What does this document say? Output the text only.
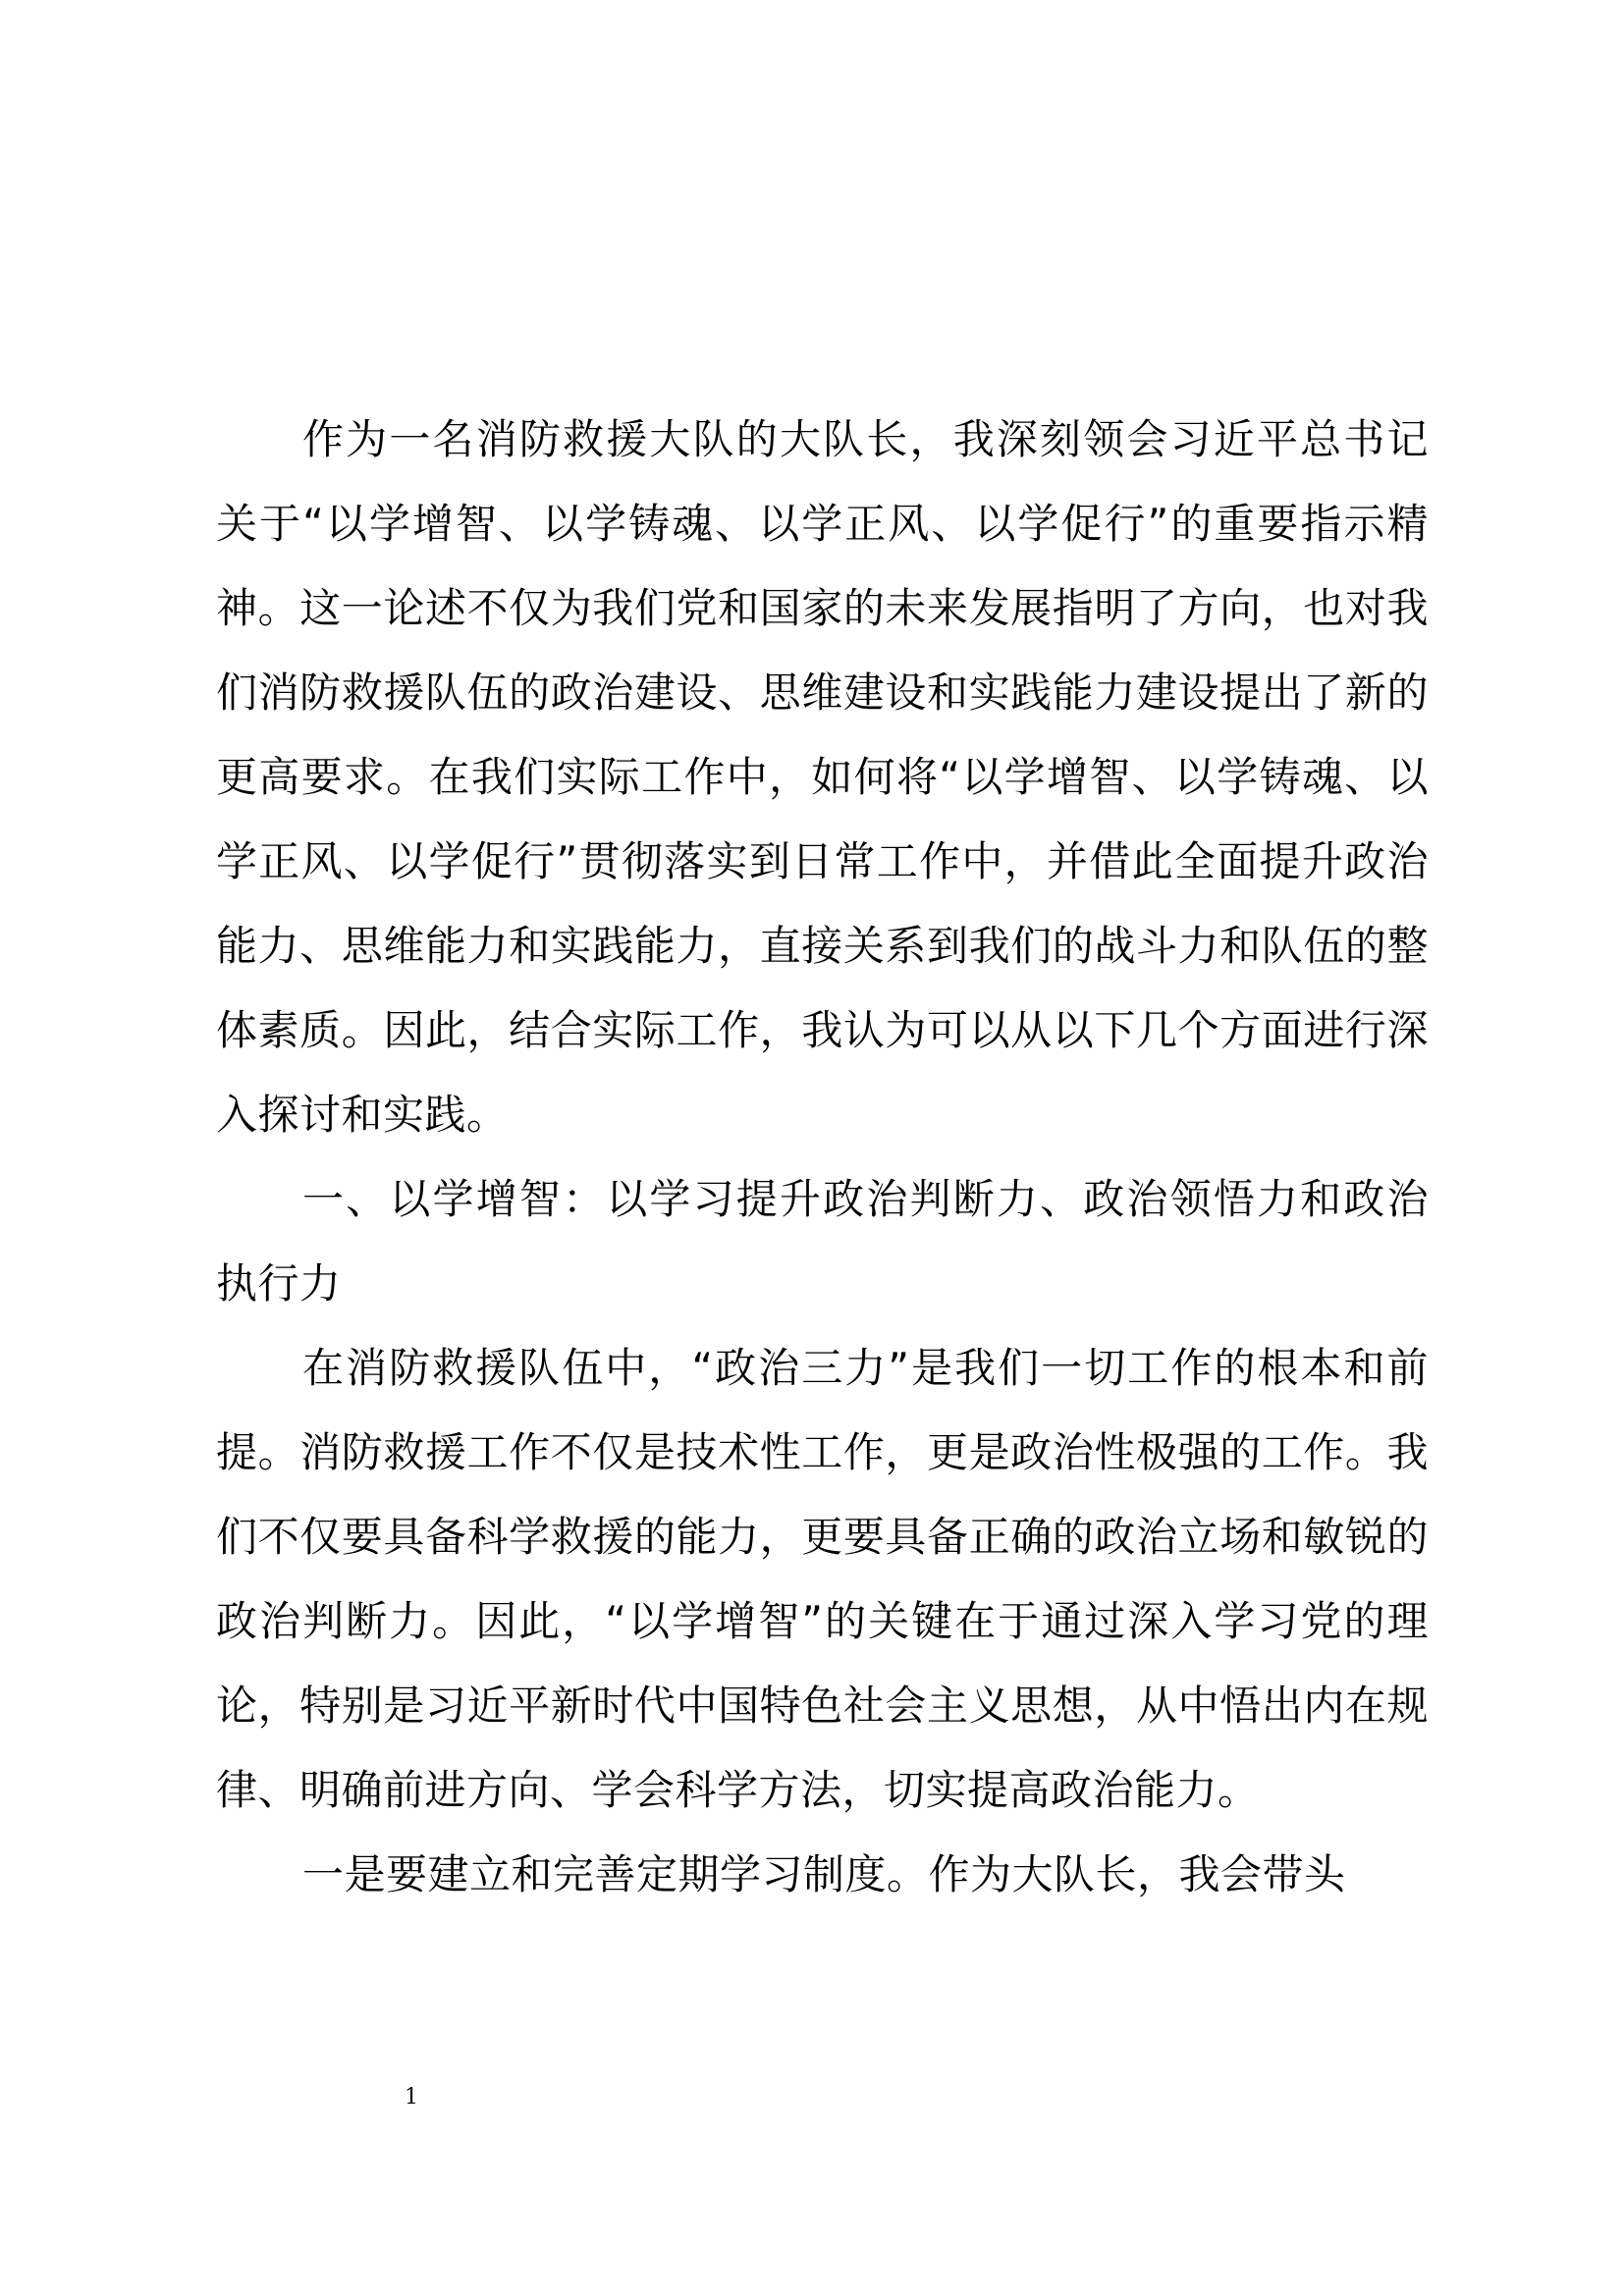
作为一名消防救援大队的大队长，我深刻领会习近平总书记关于“以学增智、以学铸魂、以学正风、以学促行”的重要指示精神。这一论述不仅为我们党和国家的未来发展指明了方向，也对我们消防救援队伍的政治建设、思维建设和实践能力建设提出了新的更高要求。在我们实际工作中，如何将“以学增智、以学铸魂、以学正风、以学促行”贯彻落实到日常工作中，并借此全面提升政治能力、思维能力和实践能力，直接关系到我们的战斗力和队伍的整体素质。因此，结合实际工作，我认为可以从以下几个方面进行深入探讨和实践。

一、以学增智：以学习提升政治判断力、政治领悟力和政治执行力

在消防救援队伍中，“政治三力”是我们一切工作的根本和前提。消防救援工作不仅是技术性工作，更是政治性极强的工作。我们不仅要具备科学救援的能力，更要具备正确的政治立场和敏锐的政治判断力。因此，“以学增智”的关键在于通过深入学习党的理论，特别是习近平新时代中国特色社会主义思想，从中悟出内在规律、明确前进方向、学会科学方法，切实提高政治能力。

一是要建立和完善定期学习制度。作为大队长，我会带头

1
